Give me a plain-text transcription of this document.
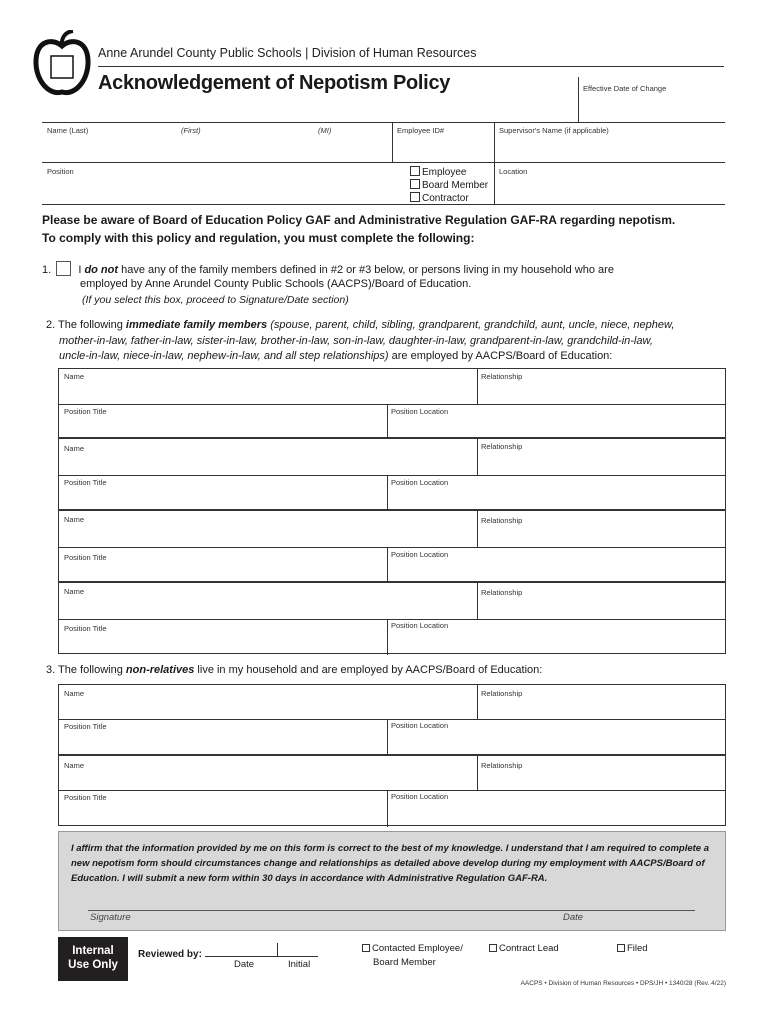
Anne Arundel County Public Schools | Division of Human Resources
Acknowledgement of Nepotism Policy	Effective Date of Change
Name (Last)	(First)	(MI)	Employee ID#	Supervisor's Name (if applicable)
Position	Location
Employee
Board Member
Contractor
Please be aware of Board of Education Policy GAF and Administrative Regulation GAF-RA regarding nepotism.
To comply with this policy and regulation, you must complete the following:
1. I do not have any of the family members defined in #2 or #3 below, or persons living in my household who are
employed by Anne Arundel County Public Schools (AACPS)/Board of Education.
(If you select this box, proceed to Signature/Date section)
2. The following immediate family members (spouse, parent, child, sibling, grandparent, grandchild, aunt, uncle, niece, nephew,
mother-in-law, father-in-law, sister-in-law, brother-in-law, son-in-law, daughter-in-law, grandparent-in-law, grandchild-in-law,
uncle-in-law, niece-in-law, nephew-in-law, and all step relationships) are employed by AACPS/Board of Education:
Name	Relationship
Position Title	Position Location
Name	Relationship
Position Title	Position Location
Name	Relationship
Position Title	Position Location
Name	Relationship
Position Title	Position Location
3. The following non-relatives live in my household and are employed by AACPS/Board of Education:
Name	Relationship
Position Title	Position Location
Name	Relationship
Position Title	Position Location
I affirm that the information provided by me on this form is correct to the best of my knowledge. I understand that I am required to complete a new nepotism form should circumstances change and relationships as detailed above develop during my employment with AACPS/Board of Education. I will submit a new form within 30 days in accordance with Administrative Regulation GAF-RA.
Signature	Date
Internal
Use Only
Reviewed by:
Date	Initial
Contacted Employee/
Board Member
Contract Lead	Filed
AACPS • Division of Human Resources • DPS/JH • 1340/28 (Rev. 4/22)
